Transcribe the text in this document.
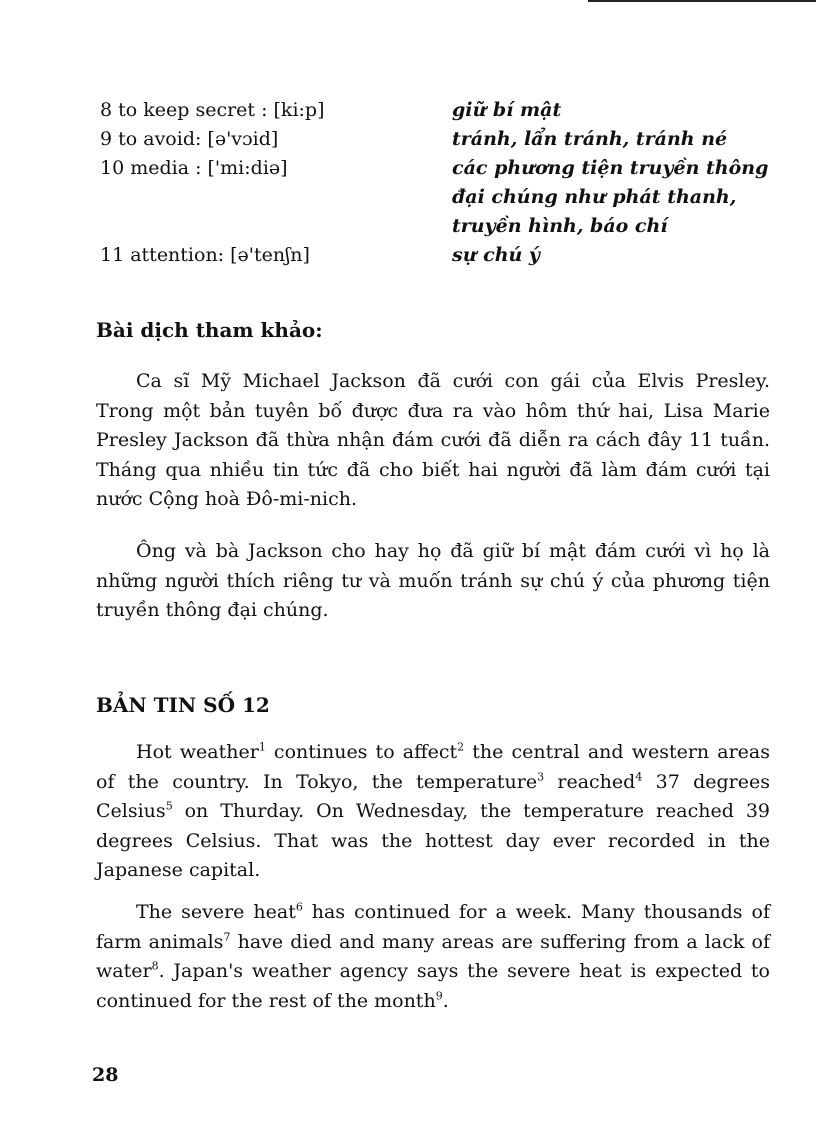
8 to keep secret : [ki:p]	giữ bí mật
9 to avoid: [ə'vɔid]	tránh, lẩn tránh, tránh né
10 media : ['mi:diə]	các phương tiện truyền thông đại chúng như phát thanh, truyền hình, báo chí
11 attention: [ə'tenʃn]	sự chú ý
Bài dịch tham khảo:

Ca sĩ Mỹ Michael Jackson đã cưới con gái của Elvis Presley. Trong một bản tuyên bố được đưa ra vào hôm thứ hai, Lisa Marie Presley Jackson đã thừa nhận đám cưới đã diễn ra cách đây 11 tuần. Tháng qua nhiều tin tức đã cho biết hai người đã làm đám cưới tại nước Cộng hoà Đô-mi-nich.

Ông và bà Jackson cho hay họ đã giữ bí mật đám cưới vì họ là những người thích riêng tư và muốn tránh sự chú ý của phương tiện truyền thông đại chúng.

BẢN TIN SỐ 12

Hot weather$^1$ continues to affect$^2$ the central and western areas of the country. In Tokyo, the temperature$^3$ reached$^4$ 37 degrees Celsius$^5$ on Thurday. On Wednesday, the temperature reached 39 degrees Celsius. That was the hottest day ever recorded in the Japanese capital.

The severe heat$^6$ has continued for a week. Many thousands of farm animals$^7$ have died and many areas are suffering from a lack of water$^8$. Japan's weather agency says the severe heat is expected to continued for the rest of the month$^9$.

28
